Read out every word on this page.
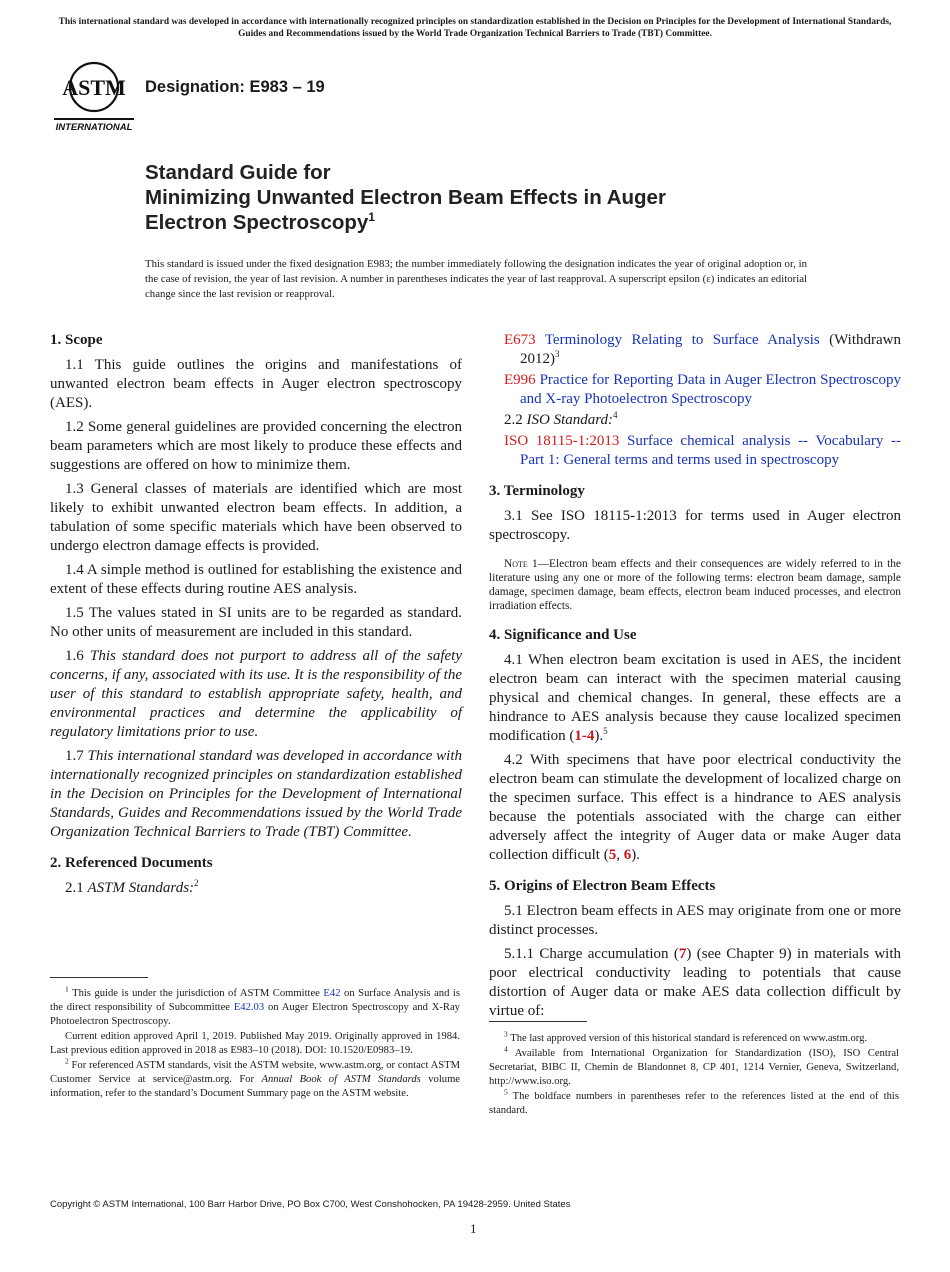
This international standard was developed in accordance with internationally recognized principles on standardization established in the Decision on Principles for the Development of International Standards, Guides and Recommendations issued by the World Trade Organization Technical Barriers to Trade (TBT) Committee.
ASTM
INTERNATIONAL
Designation: E983 – 19
Standard Guide for
Minimizing Unwanted Electron Beam Effects in Auger
Electron Spectroscopy$^1$
This standard is issued under the fixed designation E983; the number immediately following the designation indicates the year of original adoption or, in the case of revision, the year of last revision. A number in parentheses indicates the year of last reapproval. A superscript epsilon (ε) indicates an editorial change since the last revision or reapproval.
1. Scope

1.1 This guide outlines the origins and manifestations of unwanted electron beam effects in Auger electron spectroscopy (AES).

1.2 Some general guidelines are provided concerning the electron beam parameters which are most likely to produce these effects and suggestions are offered on how to minimize them.

1.3 General classes of materials are identified which are most likely to exhibit unwanted electron beam effects. In addition, a tabulation of some specific materials which have been observed to undergo electron damage effects is provided.

1.4 A simple method is outlined for establishing the existence and extent of these effects during routine AES analysis.

1.5 The values stated in SI units are to be regarded as standard. No other units of measurement are included in this standard.

1.6 This standard does not purport to address all of the safety concerns, if any, associated with its use. It is the responsibility of the user of this standard to establish appropriate safety, health, and environmental practices and determine the applicability of regulatory limitations prior to use.

1.7 This international standard was developed in accordance with internationally recognized principles on standardization established in the Decision on Principles for the Development of International Standards, Guides and Recommendations issued by the World Trade Organization Technical Barriers to Trade (TBT) Committee.

2. Referenced Documents

2.1 ASTM Standards:$^2$

$^1$ This guide is under the jurisdiction of ASTM Committee E42 on Surface Analysis and is the direct responsibility of Subcommittee E42.03 on Auger Electron Spectroscopy and X-Ray Photoelectron Spectroscopy.

Current edition approved April 1, 2019. Published May 2019. Originally approved in 1984. Last previous edition approved in 2018 as E983–10 (2018). DOI: 10.1520/E0983–19.

$^2$ For referenced ASTM standards, visit the ASTM website, www.astm.org, or contact ASTM Customer Service at service@astm.org. For Annual Book of ASTM Standards volume information, refer to the standard’s Document Summary page on the ASTM website.

E673 Terminology Relating to Surface Analysis (Withdrawn 2012)$^3$

E996 Practice for Reporting Data in Auger Electron Spectroscopy and X-ray Photoelectron Spectroscopy

2.2 ISO Standard:$^4$

ISO 18115-1:2013 Surface chemical analysis -- Vocabulary -- Part 1: General terms and terms used in spectroscopy

3. Terminology

3.1 See ISO 18115-1:2013 for terms used in Auger electron spectroscopy.

Note 1—Electron beam effects and their consequences are widely referred to in the literature using any one or more of the following terms: electron beam damage, sample damage, specimen damage, beam effects, electron beam induced processes, and electron irradiation effects.

4. Significance and Use

4.1 When electron beam excitation is used in AES, the incident electron beam can interact with the specimen material causing physical and chemical changes. In general, these effects are a hindrance to AES analysis because they cause localized specimen modification (1-4).$^5$

4.2 With specimens that have poor electrical conductivity the electron beam can stimulate the development of localized charge on the specimen surface. This effect is a hindrance to AES analysis because the potentials associated with the charge can either adversely affect the integrity of Auger data or make Auger data collection difficult (5, 6).

5. Origins of Electron Beam Effects

5.1 Electron beam effects in AES may originate from one or more distinct processes.

5.1.1 Charge accumulation (7) (see Chapter 9) in materials with poor electrical conductivity leading to potentials that cause distortion of Auger data or make AES data collection difficult by virtue of:

$^3$ The last approved version of this historical standard is referenced on www.astm.org.

$^4$ Available from International Organization for Standardization (ISO), ISO Central Secretariat, BIBC II, Chemin de Blandonnet 8, CP 401, 1214 Vernier, Geneva, Switzerland, http://www.iso.org.

$^5$ The boldface numbers in parentheses refer to the references listed at the end of this standard.

Copyright © ASTM International, 100 Barr Harbor Drive, PO Box C700, West Conshohocken, PA 19428-2959. United States
1
